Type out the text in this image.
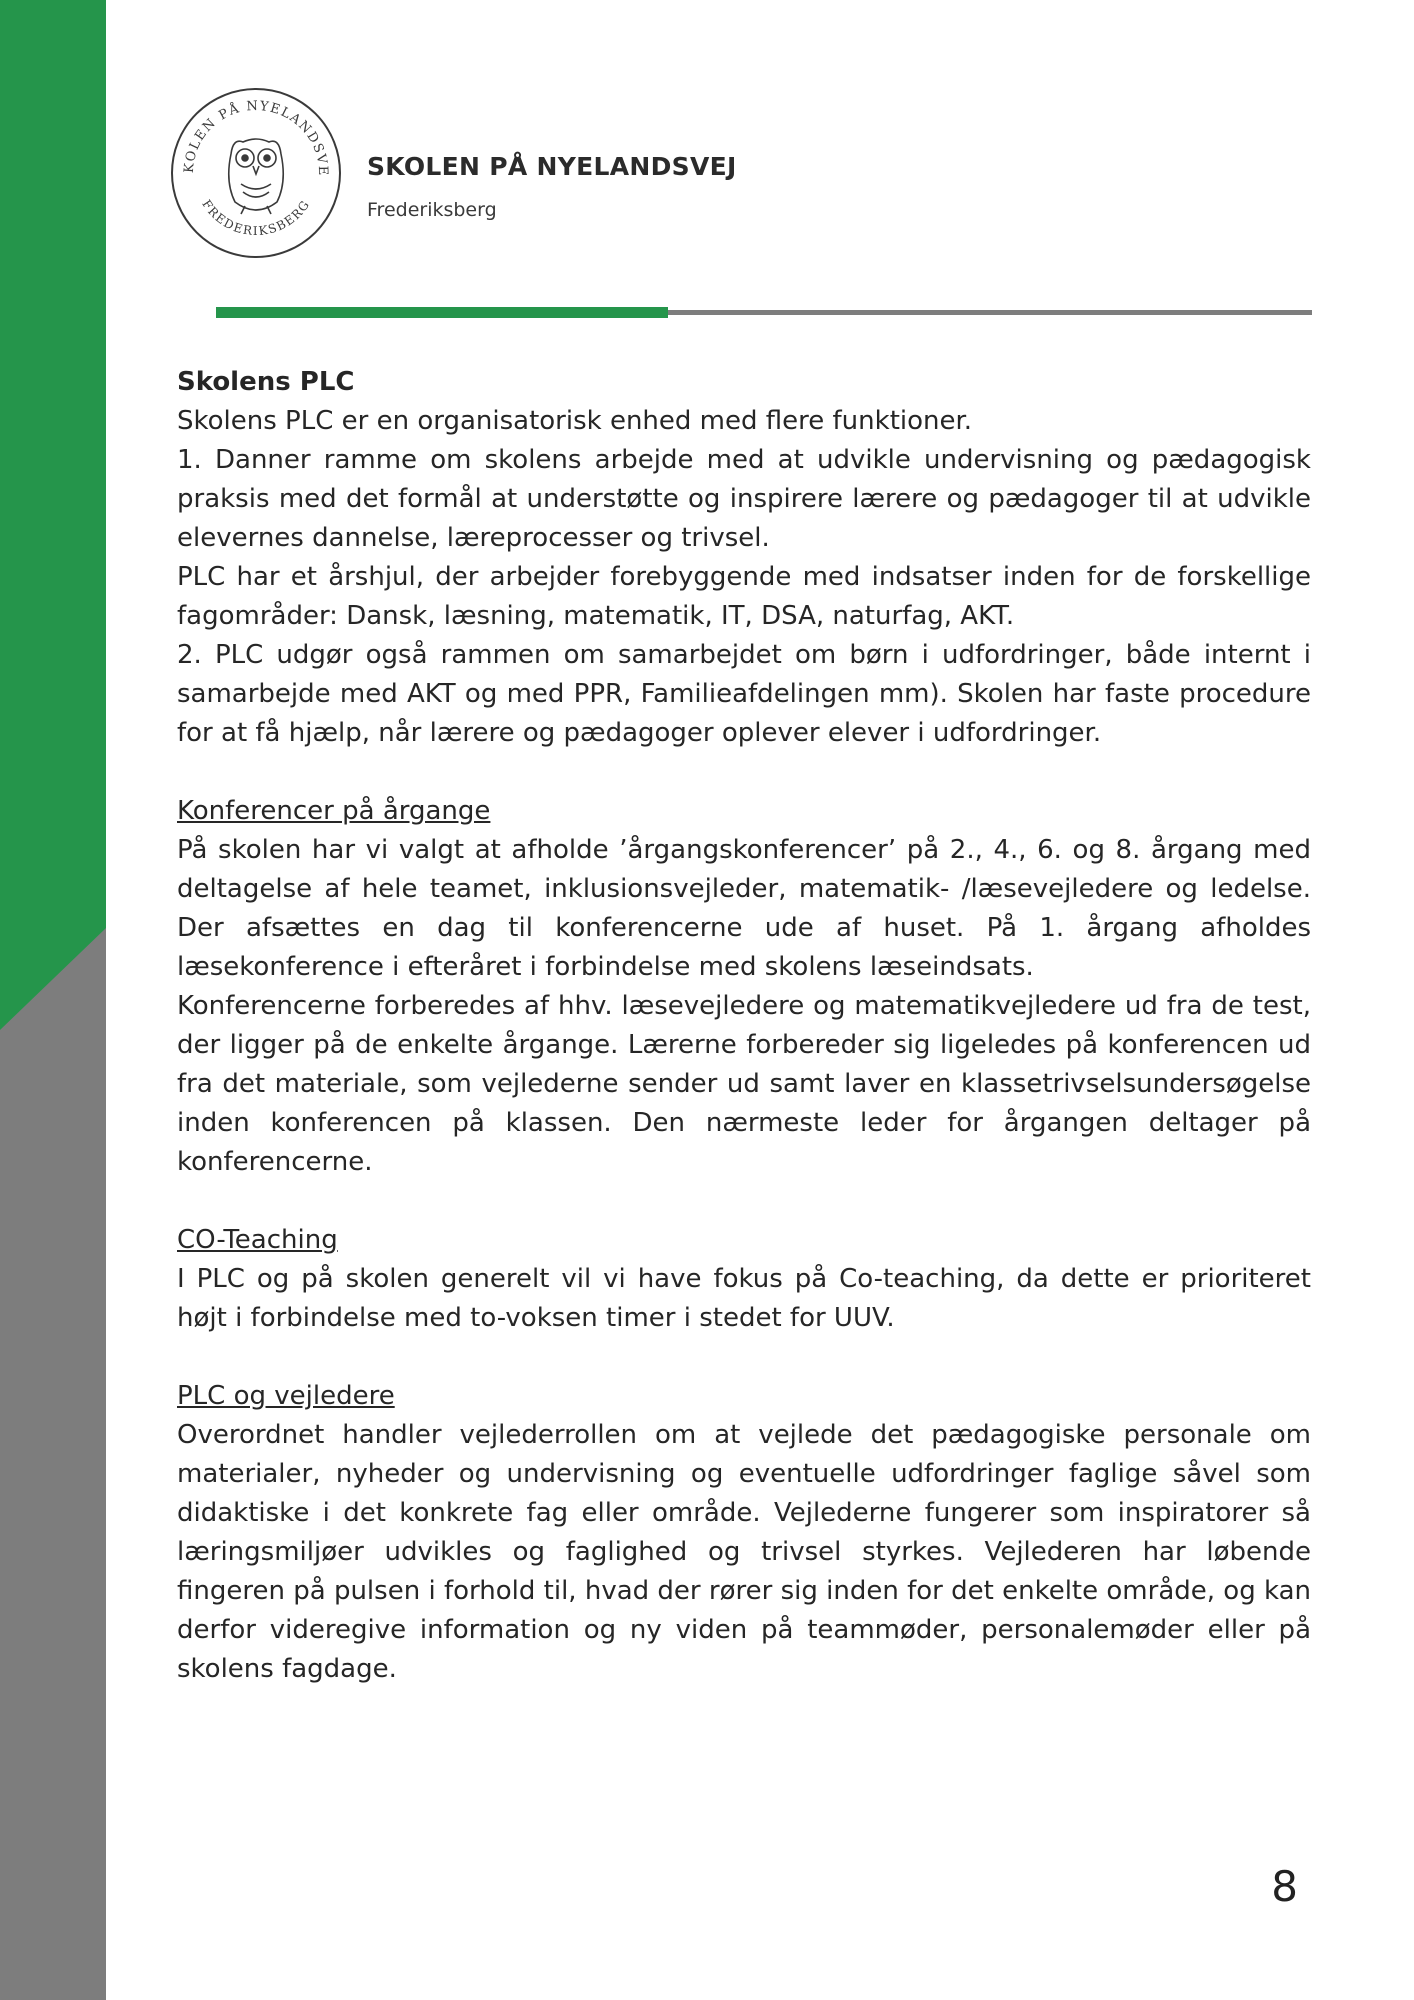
KOLEN PÅ NYELANDSVE
FREDERIKSBERG
SKOLEN PÅ NYELANDSVEJ
Frederiksberg

Skolens PLC

Skolens PLC er en organisatorisk enhed med flere funktioner.

1. Danner ramme om skolens arbejde med at udvikle undervisning og pædagogisk praksis med det formål at understøtte og inspirere lærere og pædagoger til at udvikle elevernes dannelse, læreprocesser og trivsel.

PLC har et årshjul, der arbejder forebyggende med indsatser inden for de forskellige fagområder: Dansk, læsning, matematik, IT, DSA, naturfag, AKT.

2. PLC udgør også rammen om samarbejdet om børn i udfordringer, både internt i samarbejde med AKT og med PPR, Familieafdelingen mm). Skolen har faste procedure for at få hjælp, når lærere og pædagoger oplever elever i udfordringer.

Konferencer på årgange

På skolen har vi valgt at afholde ’årgangskonferencer’ på 2., 4., 6. og 8. årgang med deltagelse af hele teamet, inklusionsvejleder, matematik- /læsevejledere og ledelse. Der afsættes en dag til konferencerne ude af huset. På 1. årgang afholdes læsekonference i efteråret i forbindelse med skolens læseindsats.

Konferencerne forberedes af hhv. læsevejledere og matematikvejledere ud fra de test, der ligger på de enkelte årgange. Lærerne forbereder sig ligeledes på konferencen ud fra det materiale, som vejlederne sender ud samt laver en klassetrivselsundersøgelse inden konferencen på klassen. Den nærmeste leder for årgangen deltager på konferencerne.

CO-Teaching

I PLC og på skolen generelt vil vi have fokus på Co-teaching, da dette er prioriteret højt i forbindelse med to-voksen timer i stedet for UUV.

PLC og vejledere

Overordnet handler vejlederrollen om at vejlede det pædagogiske personale om materialer, nyheder og undervisning og eventuelle udfordringer faglige såvel som didaktiske i det konkrete fag eller område. Vejlederne fungerer som inspiratorer så læringsmiljøer udvikles og faglighed og trivsel styrkes. Vejlederen har løbende fingeren på pulsen i forhold til, hvad der rører sig inden for det enkelte område, og kan derfor videregive information og ny viden på teammøder, personalemøder eller på skolens fagdage.

8
